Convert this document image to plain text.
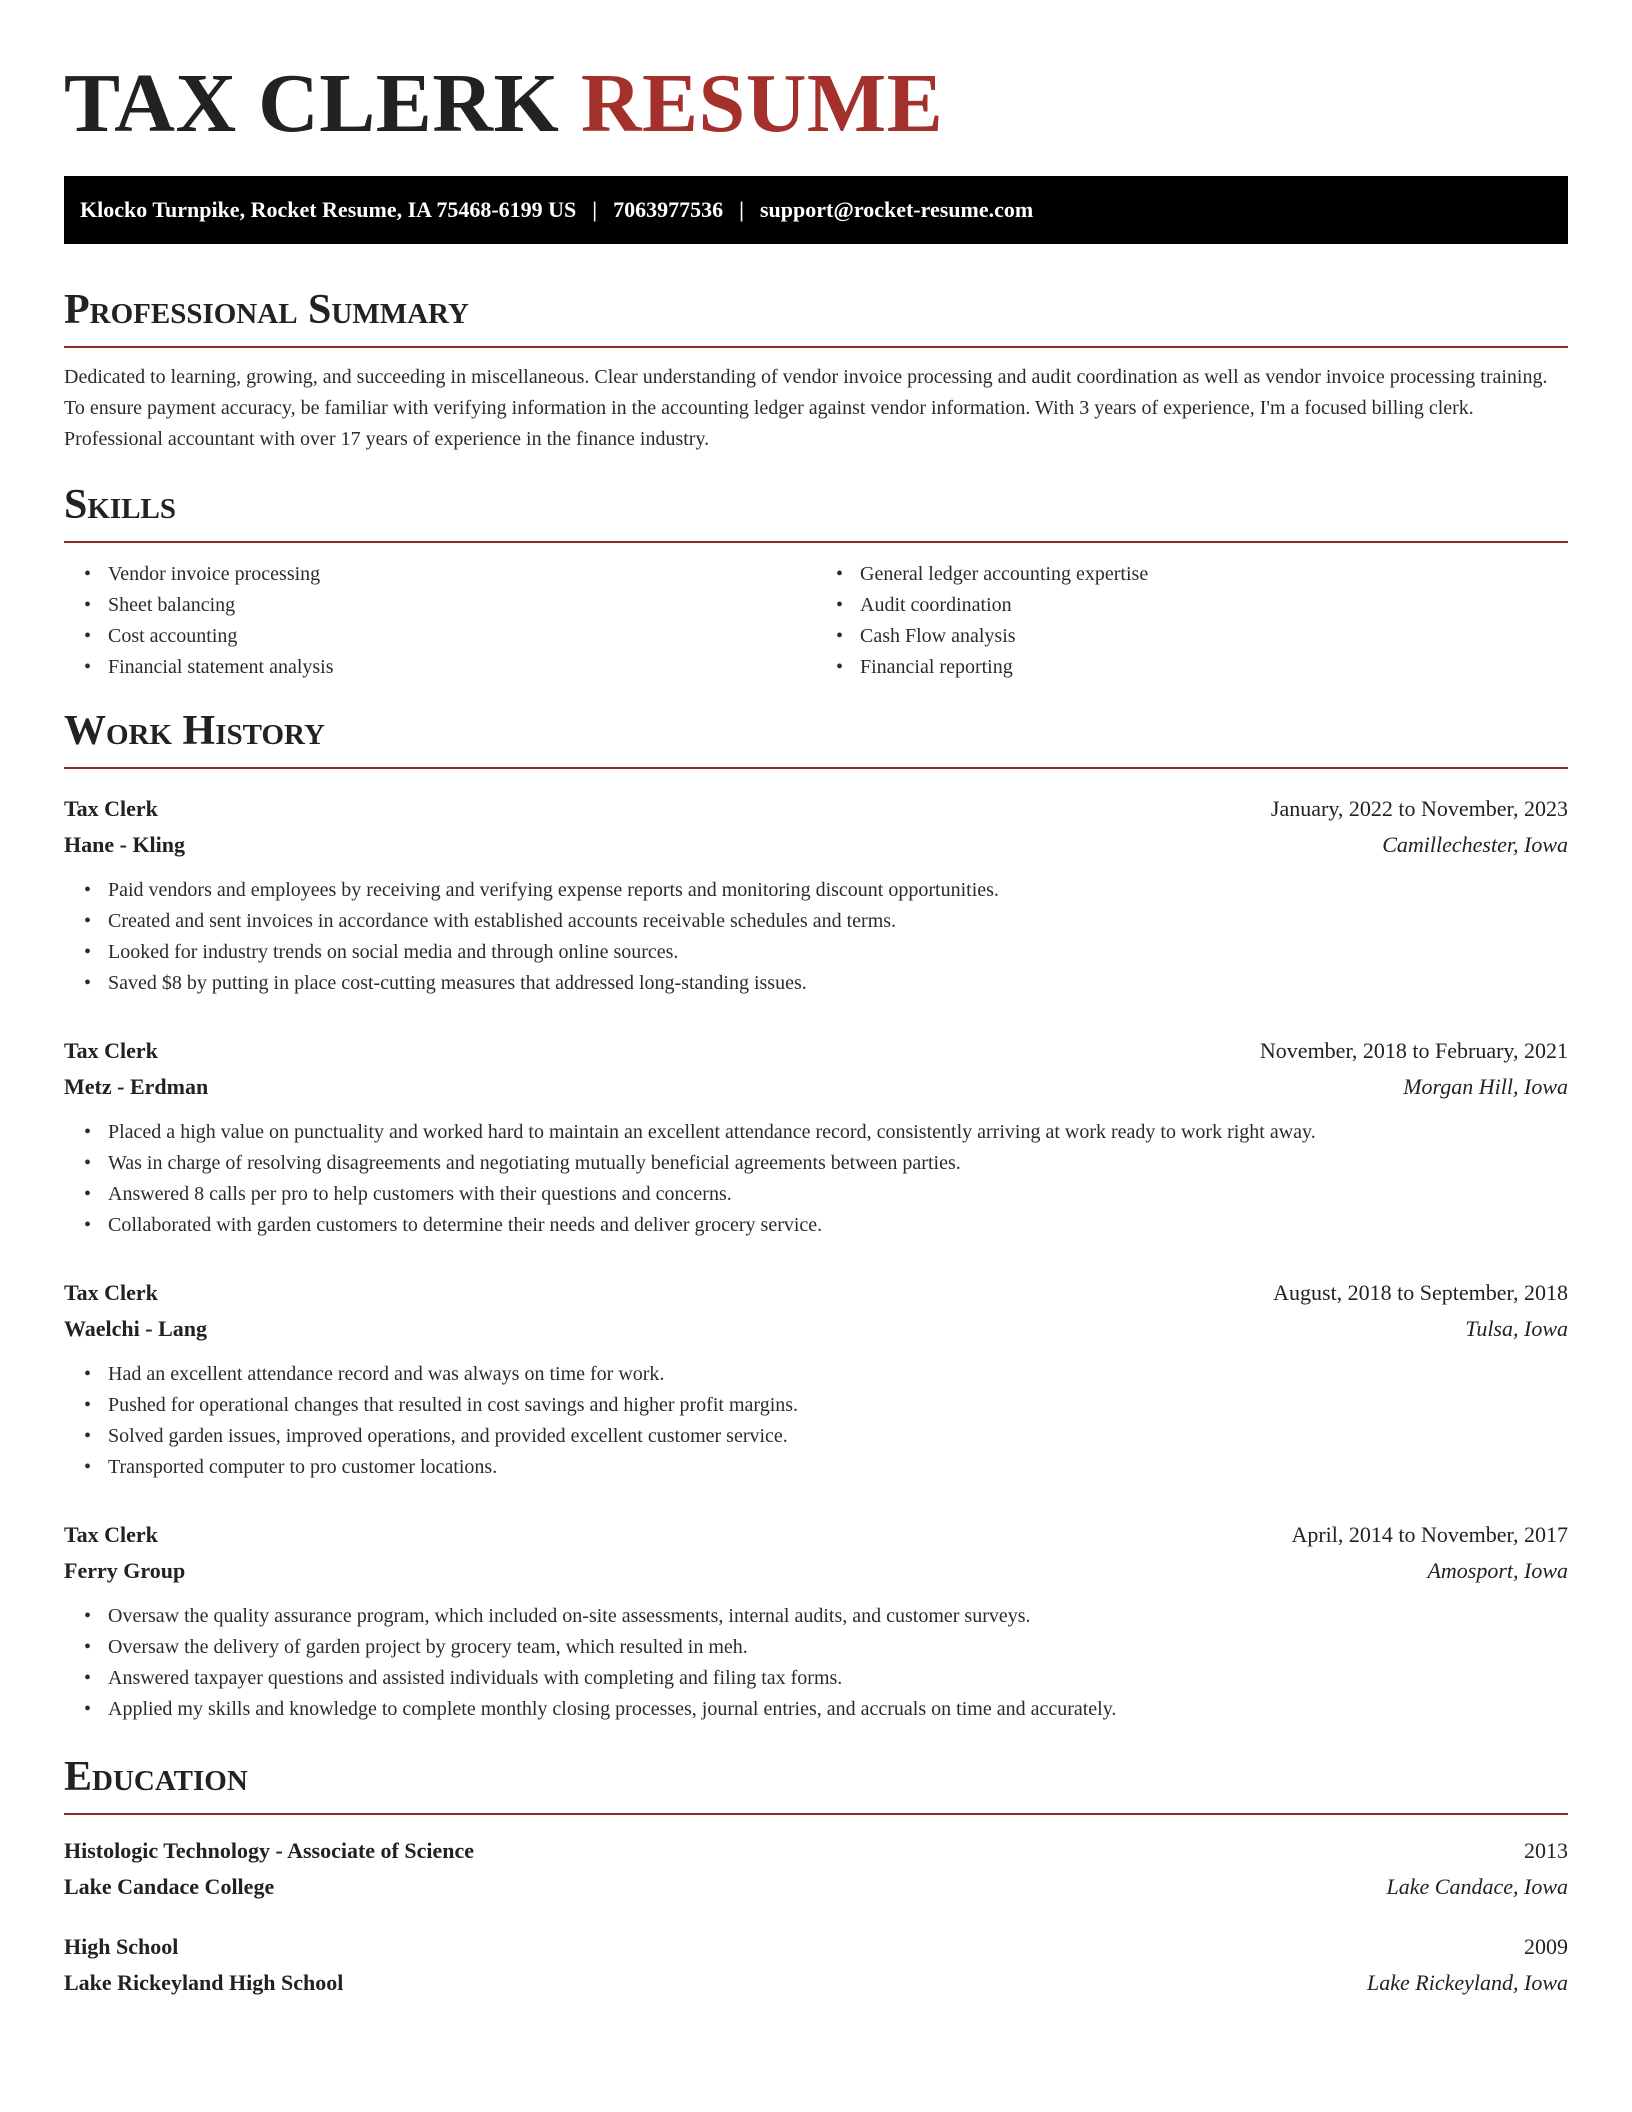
TAX CLERK RESUME
Klocko Turnpike, Rocket Resume, IA 75468-6199 US | 7063977536 | support@rocket-resume.com
Professional Summary

Dedicated to learning, growing, and succeeding in miscellaneous. Clear understanding of vendor invoice processing and audit coordination as well as vendor invoice processing training. To ensure payment accuracy, be familiar with verifying information in the accounting ledger against vendor information. With 3 years of experience, I'm a focused billing clerk. Professional accountant with over 17 years of experience in the finance industry.

Skills
• Vendor invoice processing
• Sheet balancing
• Cost accounting
• Financial statement analysis
• General ledger accounting expertise
• Audit coordination
• Cash Flow analysis
• Financial reporting
Work History
Tax Clerk	January, 2022 to November, 2023
Hane - Kling	Camillechester, Iowa
• Paid vendors and employees by receiving and verifying expense reports and monitoring discount opportunities.
• Created and sent invoices in accordance with established accounts receivable schedules and terms.
• Looked for industry trends on social media and through online sources.
• Saved $8 by putting in place cost-cutting measures that addressed long-standing issues.
Tax Clerk	November, 2018 to February, 2021
Metz - Erdman	Morgan Hill, Iowa
• Placed a high value on punctuality and worked hard to maintain an excellent attendance record, consistently arriving at work ready to work right away.
• Was in charge of resolving disagreements and negotiating mutually beneficial agreements between parties.
• Answered 8 calls per pro to help customers with their questions and concerns.
• Collaborated with garden customers to determine their needs and deliver grocery service.
Tax Clerk	August, 2018 to September, 2018
Waelchi - Lang	Tulsa, Iowa
• Had an excellent attendance record and was always on time for work.
• Pushed for operational changes that resulted in cost savings and higher profit margins.
• Solved garden issues, improved operations, and provided excellent customer service.
• Transported computer to pro customer locations.
Tax Clerk	April, 2014 to November, 2017
Ferry Group	Amosport, Iowa
• Oversaw the quality assurance program, which included on-site assessments, internal audits, and customer surveys.
• Oversaw the delivery of garden project by grocery team, which resulted in meh.
• Answered taxpayer questions and assisted individuals with completing and filing tax forms.
• Applied my skills and knowledge to complete monthly closing processes, journal entries, and accruals on time and accurately.
Education
Histologic Technology - Associate of Science	2013
Lake Candace College	Lake Candace, Iowa
High School	2009
Lake Rickeyland High School	Lake Rickeyland, Iowa
